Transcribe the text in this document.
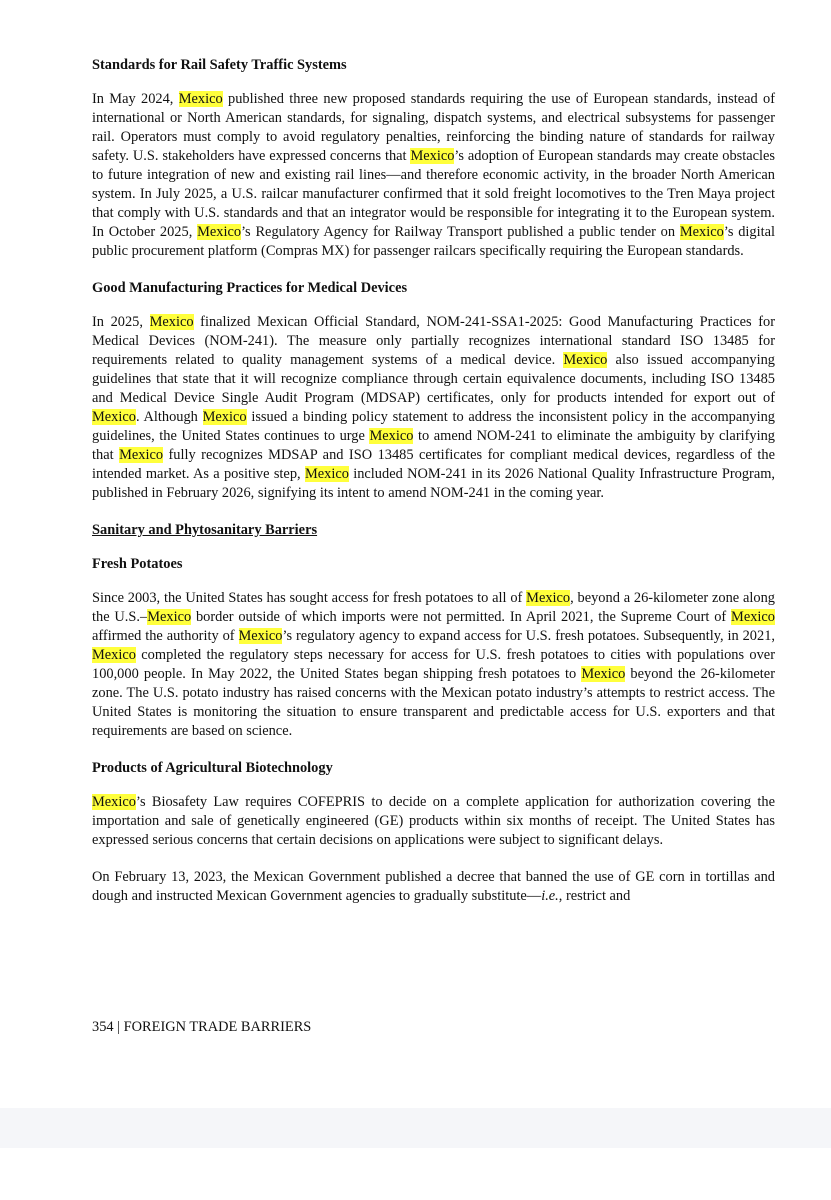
Standards for Rail Safety Traffic Systems
In May 2024, Mexico published three new proposed standards requiring the use of European standards, instead of international or North American standards, for signaling, dispatch systems, and electrical subsystems for passenger rail. Operators must comply to avoid regulatory penalties, reinforcing the binding nature of standards for railway safety. U.S. stakeholders have expressed concerns that Mexico’s adoption of European standards may create obstacles to future integration of new and existing rail lines—and therefore economic activity, in the broader North American system. In July 2025, a U.S. railcar manufacturer confirmed that it sold freight locomotives to the Tren Maya project that comply with U.S. standards and that an integrator would be responsible for integrating it to the European system. In October 2025, Mexico’s Regulatory Agency for Railway Transport published a public tender on Mexico’s digital public procurement platform (Compras MX) for passenger railcars specifically requiring the European standards.
Good Manufacturing Practices for Medical Devices
In 2025, Mexico finalized Mexican Official Standard, NOM-241-SSA1-2025: Good Manufacturing Practices for Medical Devices (NOM-241). The measure only partially recognizes international standard ISO 13485 for requirements related to quality management systems of a medical device. Mexico also issued accompanying guidelines that state that it will recognize compliance through certain equivalence documents, including ISO 13485 and Medical Device Single Audit Program (MDSAP) certificates, only for products intended for export out of Mexico. Although Mexico issued a binding policy statement to address the inconsistent policy in the accompanying guidelines, the United States continues to urge Mexico to amend NOM-241 to eliminate the ambiguity by clarifying that Mexico fully recognizes MDSAP and ISO 13485 certificates for compliant medical devices, regardless of the intended market. As a positive step, Mexico included NOM-241 in its 2026 National Quality Infrastructure Program, published in February 2026, signifying its intent to amend NOM-241 in the coming year.
Sanitary and Phytosanitary Barriers
Fresh Potatoes
Since 2003, the United States has sought access for fresh potatoes to all of Mexico, beyond a 26-kilometer zone along the U.S.–Mexico border outside of which imports were not permitted. In April 2021, the Supreme Court of Mexico affirmed the authority of Mexico’s regulatory agency to expand access for U.S. fresh potatoes. Subsequently, in 2021, Mexico completed the regulatory steps necessary for access for U.S. fresh potatoes to cities with populations over 100,000 people. In May 2022, the United States began shipping fresh potatoes to Mexico beyond the 26-kilometer zone. The U.S. potato industry has raised concerns with the Mexican potato industry’s attempts to restrict access. The United States is monitoring the situation to ensure transparent and predictable access for U.S. exporters and that requirements are based on science.
Products of Agricultural Biotechnology
Mexico’s Biosafety Law requires COFEPRIS to decide on a complete application for authorization covering the importation and sale of genetically engineered (GE) products within six months of receipt. The United States has expressed serious concerns that certain decisions on applications were subject to significant delays.
On February 13, 2023, the Mexican Government published a decree that banned the use of GE corn in tortillas and dough and instructed Mexican Government agencies to gradually substitute—i.e., restrict and
354 | FOREIGN TRADE BARRIERS
